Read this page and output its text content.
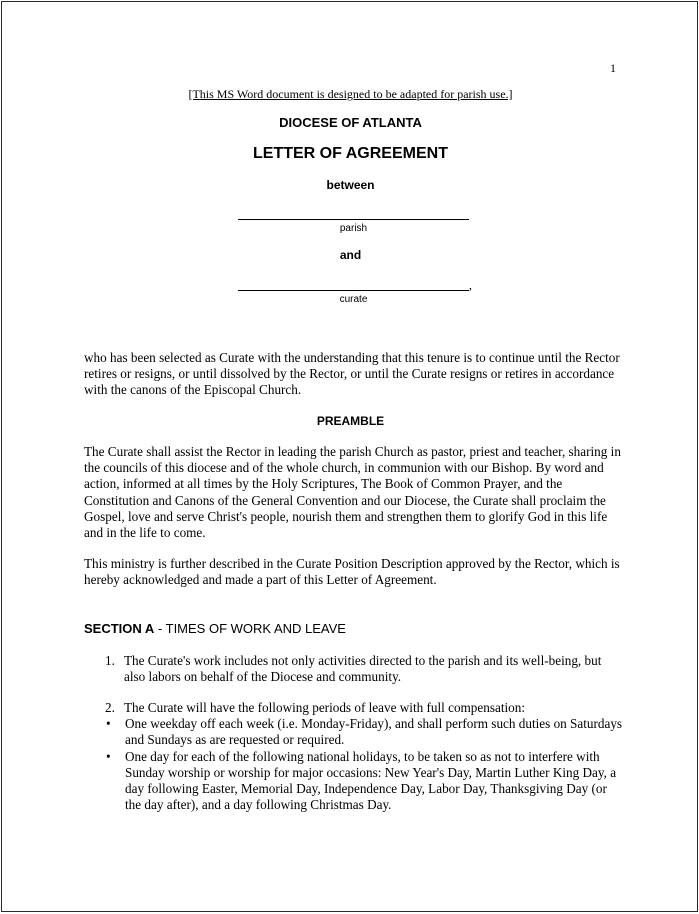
1
[This MS Word document is designed to be adapted for parish use.]
DIOCESE OF ATLANTA
LETTER OF AGREEMENT
between
parish
and
,
curate
who has been selected as Curate with the understanding that this tenure is to continue until the Rector retires or resigns, or until dissolved by the Rector, or until the Curate resigns or retires in accordance with the canons of the Episcopal Church.
PREAMBLE
The Curate shall assist the Rector in leading the parish Church as pastor, priest and teacher, sharing in the councils of this diocese and of the whole church, in communion with our Bishop. By word and action, informed at all times by the Holy Scriptures, The Book of Common Prayer, and the Constitution and Canons of the General Convention and our Diocese, the Curate shall proclaim the Gospel, love and serve Christ's people, nourish them and strengthen them to glorify God in this life and in the life to come.
This ministry is further described in the Curate Position Description approved by the Rector, which is hereby acknowledged and made a part of this Letter of Agreement.
SECTION A - TIMES OF WORK AND LEAVE
1. The Curate's work includes not only activities directed to the parish and its well-being, but also labors on behalf of the Diocese and community.
2. The Curate will have the following periods of leave with full compensation:
• One weekday off each week (i.e. Monday-Friday), and shall perform such duties on Saturdays and Sundays as are requested or required.
• One day for each of the following national holidays, to be taken so as not to interfere with Sunday worship or worship for major occasions: New Year's Day, Martin Luther King Day, a day following Easter, Memorial Day, Independence Day, Labor Day, Thanksgiving Day (or the day after), and a day following Christmas Day.
